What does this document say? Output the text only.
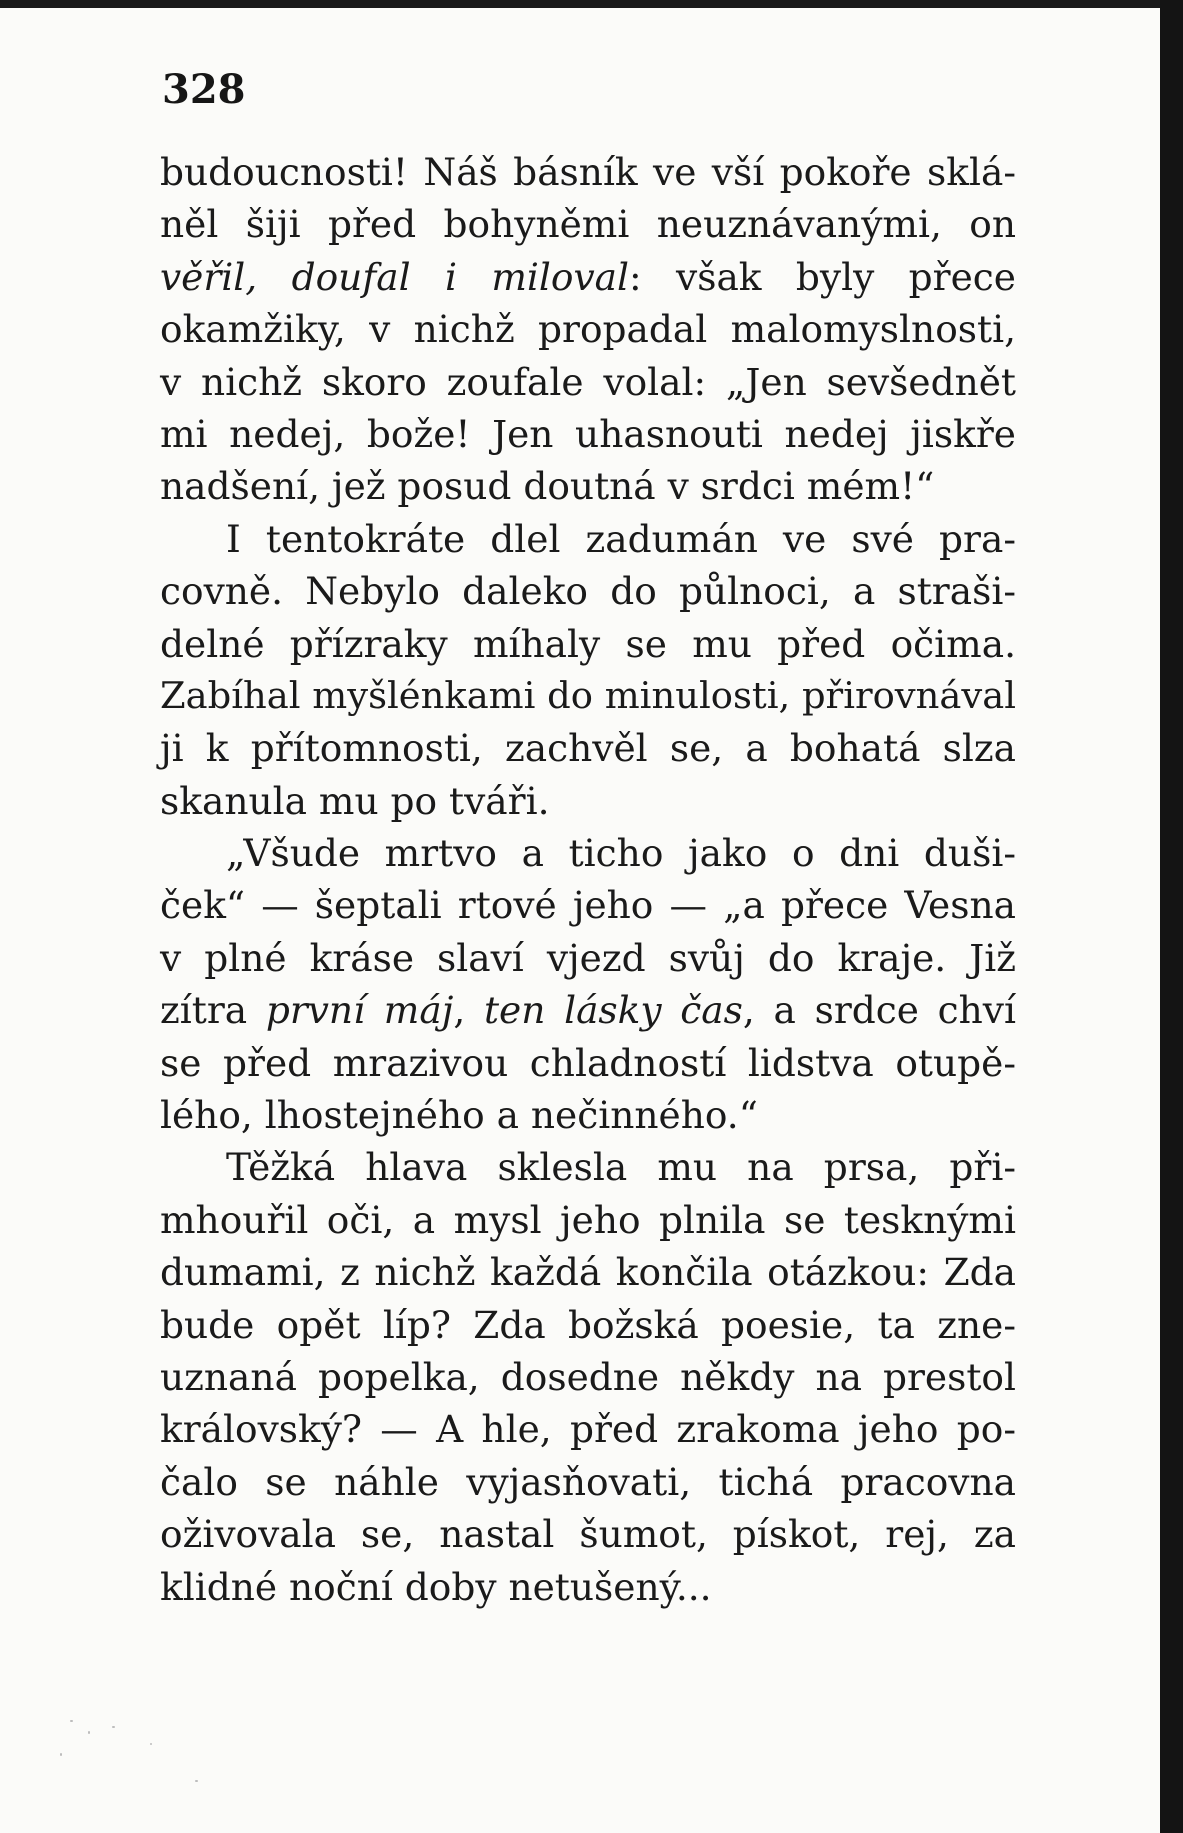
328
budoucnosti! Náš básník ve vší pokoře sklá-
něl šiji před bohyněmi neuznávanými, on
věřil, doufal i miloval: však byly přece
okamžiky, v nichž propadal malomyslnosti,
v nichž skoro zoufale volal: „Jen sevšednět
mi nedej, bože! Jen uhasnouti nedej jiskře
nadšení, jež posud doutná v srdci mém!“
I tentokráte dlel zadumán ve své pra-
covně. Nebylo daleko do půlnoci, a straši-
delné přízraky míhaly se mu před očima.
Zabíhal myšlénkami do minulosti, přirovnával
ji k přítomnosti, zachvěl se, a bohatá slza
skanula mu po tváři.
„Všude mrtvo a ticho jako o dni duši-
ček“ — šeptali rtové jeho — „a přece Vesna
v plné kráse slaví vjezd svůj do kraje. Již
zítra první máj, ten lásky čas, a srdce chví
se před mrazivou chladností lidstva otupě-
lého, lhostejného a nečinného.“
Těžká hlava sklesla mu na prsa, při-
mhouřil oči, a mysl jeho plnila se tesknými
dumami, z nichž každá končila otázkou: Zda
bude opět líp? Zda božská poesie, ta zne-
uznaná popelka, dosedne někdy na prestol
královský? — A hle, před zrakoma jeho po-
čalo se náhle vyjasňovati, tichá pracovna
oživovala se, nastal šumot, pískot, rej, za
klidné noční doby netušený...
